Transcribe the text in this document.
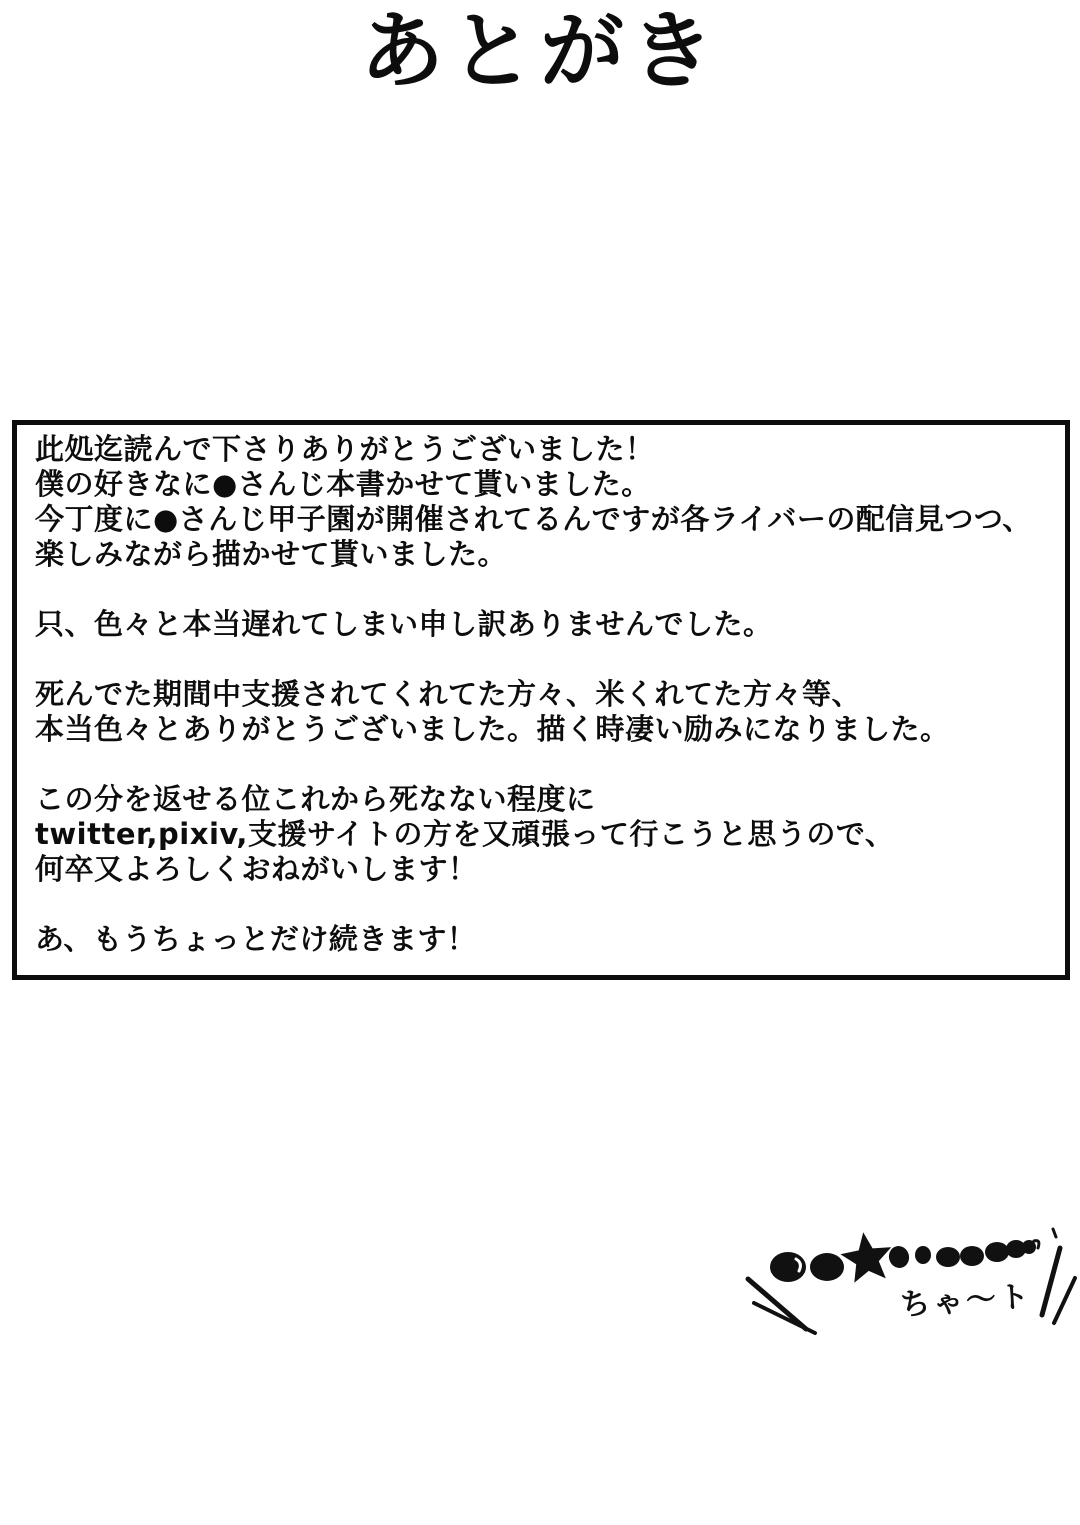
あとがき

此処迄読んで下さりありがとうございました！

僕の好きなに●さんじ本書かせて貰いました。

今丁度に●さんじ甲子園が開催されてるんですが各ライバーの配信見つつ、

楽しみながら描かせて貰いました。

只、色々と本当遅れてしまい申し訳ありませんでした。

死んでた期間中支援されてくれてた方々、米くれてた方々等、

本当色々とありがとうございました。描く時凄い励みになりました。

この分を返せる位これから死なない程度に

twitter,pixiv,支援サイトの方を又頑張って行こうと思うので、

何卒又よろしくおねがいします！

あ、もうちょっとだけ続きます！

ちゃ〜ト
